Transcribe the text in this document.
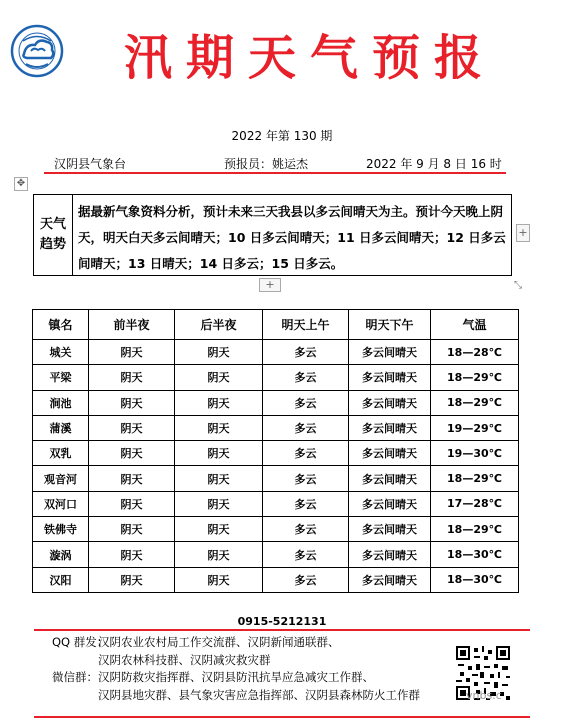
汛期天气预报
2022 年第 130 期
汉阴县气象台	预报员：姚运杰	2022 年 9 月 8 日 16 时
✥
天气趋势
据最新气象资料分析，预计未来三天我县以多云间晴天为主。预计今天晚上阴天，明天白天多云间晴天；10 日多云间晴天；11 日多云间晴天；12 日多云间晴天；13 日晴天；14 日多云；15 日多云。
+
+	⤡
镇名	前半夜	后半夜	明天上午	明天下午	气温
城关	阴天	阴天	多云	多云间晴天	18—28℃
平梁	阴天	阴天	多云	多云间晴天	18—29℃
涧池	阴天	阴天	多云	多云间晴天	18—29℃
蒲溪	阴天	阴天	多云	多云间晴天	19—29℃
双乳	阴天	阴天	多云	多云间晴天	19—30℃
观音河	阴天	阴天	多云	多云间晴天	18—29℃
双河口	阴天	阴天	多云	多云间晴天	17—28℃
铁佛寺	阴天	阴天	多云	多云间晴天	18—29℃
漩涡	阴天	阴天	多云	多云间晴天	18—30℃
汉阳	阴天	阴天	多云	多云间晴天	18—30℃
0915-5212131
QQ 群发：汉阴农业农村局工作交流群、汉阴新闻通联群、
汉阴农林科技群、汉阴减灾救灾群
微信群：汉阴防救灾指挥群、汉阴县防汛抗旱应急减灾工作群、
汉阴县地灾群、县气象灾害应急指挥部、汉阴县森林防火工作群	vnbs.c
